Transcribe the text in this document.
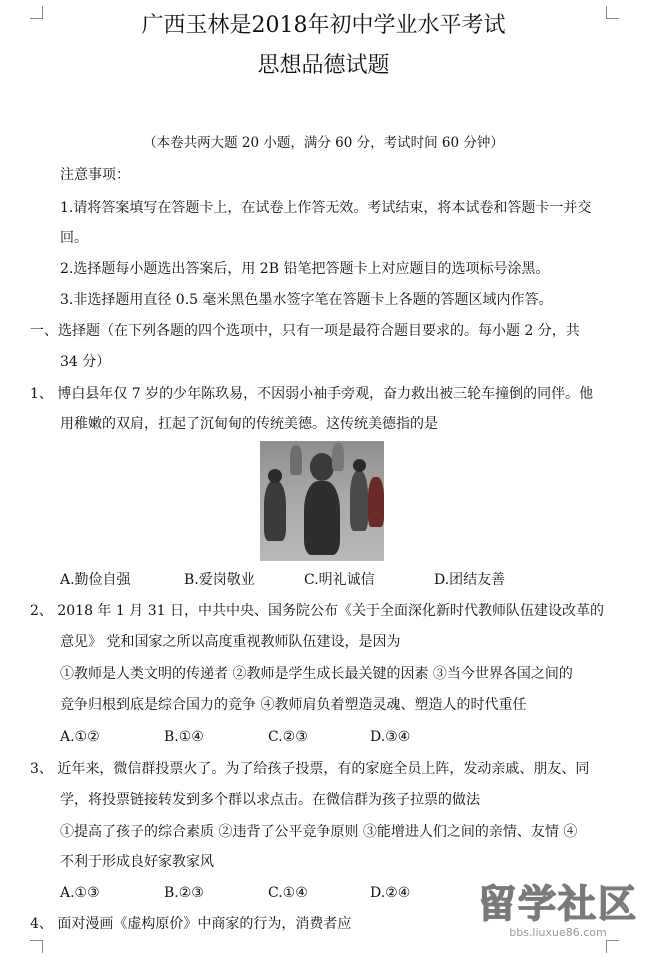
广西玉林是2018年初中学业水平考试
思想品德试题
（本卷共两大题 20 小题，满分 60 分，考试时间 60 分钟）
注意事项：
1.请将答案填写在答题卡上，在试卷上作答无效。考试结束，将本试卷和答题卡一并交
回。
2.选择题每小题选出答案后，用 2B 铅笔把答题卡上对应题目的选项标号涂黑。
3.非选择题用直径 0.5 毫米黑色墨水签字笔在答题卡上各题的答题区域内作答。
一、选择题（在下列各题的四个选项中，只有一项是最符合题目要求的。每小题 2 分，共
34 分）
1、 博白县年仅 7 岁的少年陈玖易，不因弱小袖手旁观，奋力救出被三轮车撞倒的同伴。他
用稚嫩的双肩，扛起了沉甸甸的传统美德。这传统美德指的是
A.勤俭自强	B.爱岗敬业	C.明礼诚信	D.团结友善
2、 2018 年 1 月 31 日，中共中央、国务院公布《关于全面深化新时代教师队伍建设改革的
意见》 党和国家之所以高度重视教师队伍建设，是因为
①教师是人类文明的传递者 ②教师是学生成长最关键的因素 ③当今世界各国之间的
竞争归根到底是综合国力的竞争 ④教师肩负着塑造灵魂、塑造人的时代重任
A.①②	B.①④	C.②③	D.③④
3、 近年来，微信群投票火了。为了给孩子投票，有的家庭全员上阵，发动亲戚、朋友、同
学，将投票链接转发到多个群以求点击。在微信群为孩子拉票的做法
①提高了孩子的综合素质 ②违背了公平竞争原则 ③能增进人们之间的亲情、友情 ④
不利于形成良好家教家风
A.①③	B.②③	C.①④	D.②④
4、 面对漫画《虚构原价》中商家的行为，消费者应	留学社区
bbs.liuxue86.com
